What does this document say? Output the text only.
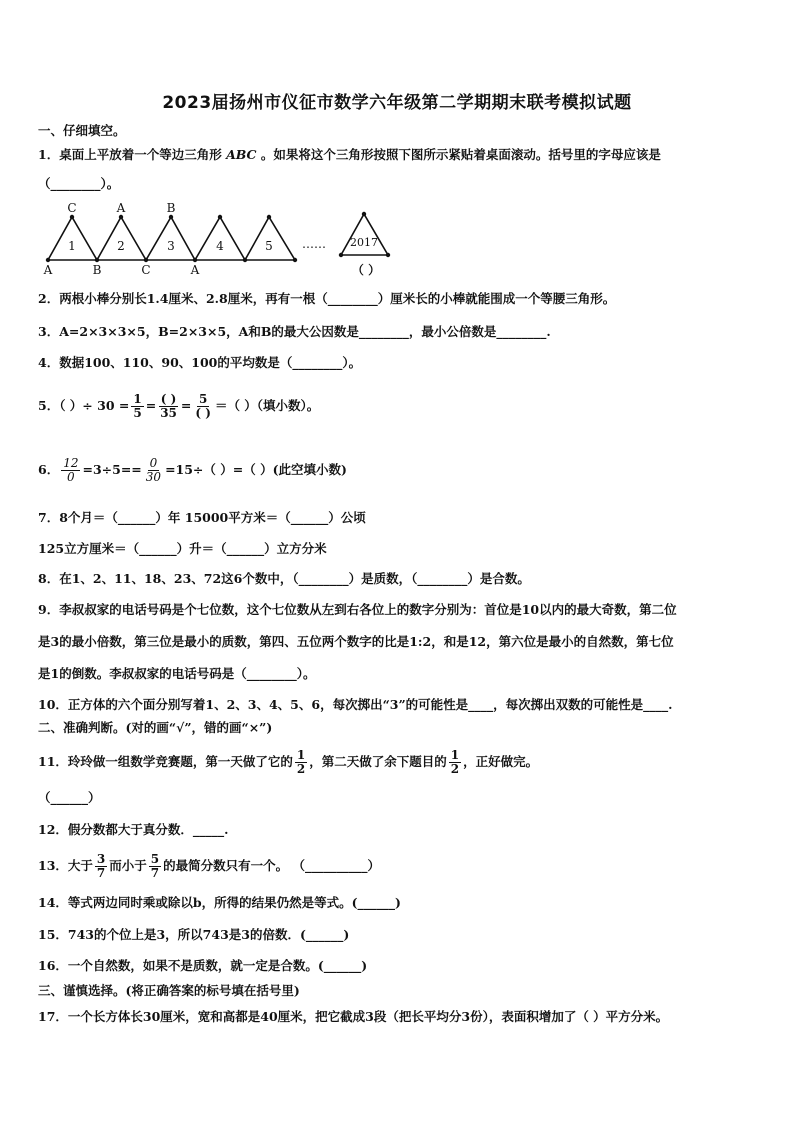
2023届扬州市仪征市数学六年级第二学期期末联考模拟试题
一、仔细填空。
1．桌面上平放着一个等边三角形 ABC 。如果将这个三角形按照下图所示紧贴着桌面滚动。括号里的字母应该是
（________）。
C	A	B
A	B	C	A
1	2	3	4	5 …… 2017
（ ）
2．两根小棒分别长1.4厘米、2.8厘米，再有一根（________）厘米长的小棒就能围成一个等腰三角形。
3．A=2×3×3×5，B=2×3×5，A和B的最大公因数是________，最小公倍数是________.
4．数据100、110、90、100的平均数是（________）。
5．（ ）÷ $30 = \frac{1}{5} = \frac{( )}{35} = \frac{5}{( )}$ ＝（ ）（填小数）。
6． $\frac{12}{0} =3\div 5== \frac{0}{30} =15\div$（ ）=（ ）(此空填小数)
7．8个月＝（______）年 15000平方米＝（______）公顷
125立方厘米＝（______）升＝（______）立方分米
8．在1、2、11、18、23、72这6个数中，（________）是质数，（________）是合数。
9．李叔叔家的电话号码是个七位数，这个七位数从左到右各位上的数字分别为：首位是10以内的最大奇数，第二位
是3的最小倍数，第三位是最小的质数，第四、五位两个数字的比是1:2，和是12，第六位是最小的自然数，第七位
是1的倒数。李叔叔家的电话号码是（________）。
10．正方体的六个面分别写着1、2、3、4、5、6，每次掷出“3”的可能性是____，每次掷出双数的可能性是____.
二、准确判断。(对的画“√”，错的画“×”)
11．玲玲做一组数学竞赛题，第一天做了它的 $\frac{1}{2}$ ，第二天做了余下题目的 $\frac{1}{2}$ ，正好做完。
（______）
12．假分数都大于真分数．_____.
13．大于 $\frac{3}{7}$ 而小于 $\frac{5}{7}$ 的最简分数只有一个。 （__________）
14．等式两边同时乘或除以b，所得的结果仍然是等式。(______)
15．743的个位上是3，所以743是3的倍数．(______)
16．一个自然数，如果不是质数，就一定是合数。(______)
三、谨慎选择。(将正确答案的标号填在括号里)
17．一个长方体长30厘米，宽和高都是40厘米，把它截成3段（把长平均分3份），表面积增加了（ ）平方分米。
